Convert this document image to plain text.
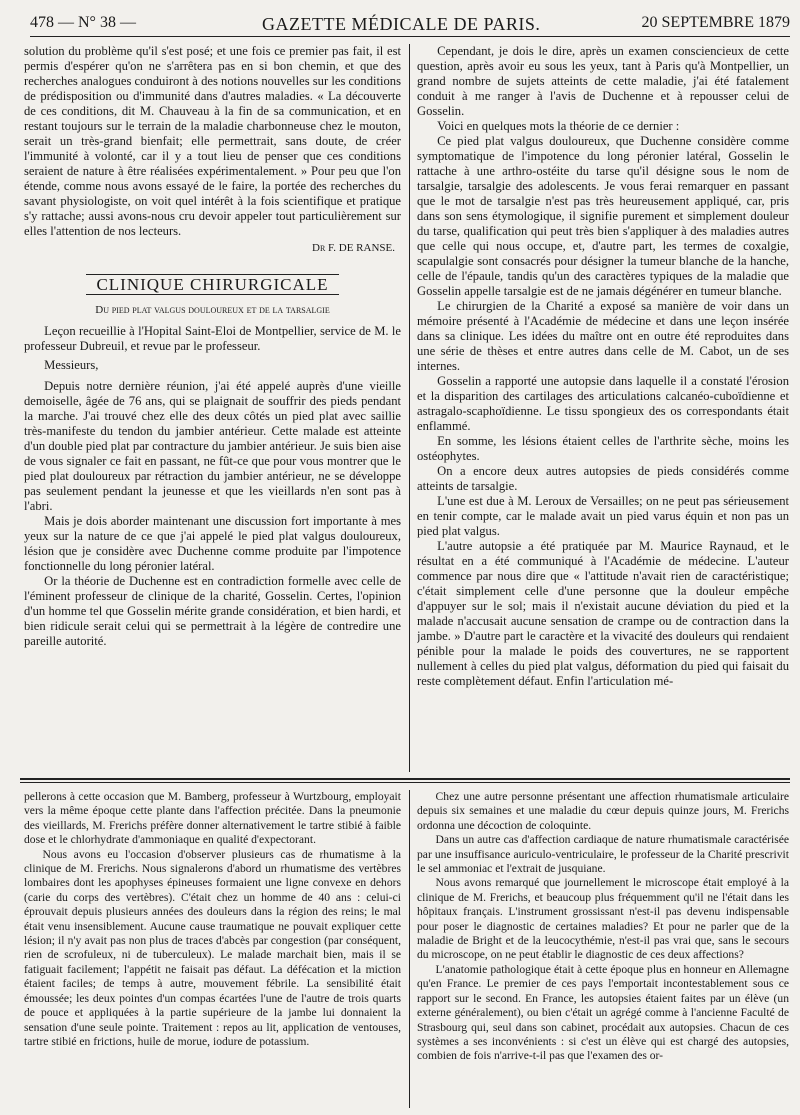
478 — N° 38 —	GAZETTE MÉDICALE DE PARIS.	20 SEPTEMBRE 1879

solution du problème qu'il s'est posé; et une fois ce premier pas fait, il est permis d'espérer qu'on ne s'arrêtera pas en si bon chemin, et que des recherches analogues conduiront à des notions nouvelles sur les conditions de prédisposition ou d'immunité dans d'autres maladies. « La découverte de ces conditions, dit M. Chauveau à la fin de sa communication, et en restant toujours sur le terrain de la maladie charbonneuse chez le mouton, serait un très-grand bienfait; elle permettrait, sans doute, de créer l'immunité à volonté, car il y a tout lieu de penser que ces conditions seraient de nature à être réalisées expérimentalement. » Pour peu que l'on étende, comme nous avons essayé de le faire, la portée des recherches du savant physiologiste, on voit quel intérêt à la fois scientifique et pratique s'y rattache; aussi avons-nous cru devoir appeler tout particulièrement sur elles l'attention de nos lecteurs.

Dr F. DE RANSE.
CLINIQUE CHIRURGICALE
Du pied plat valgus douloureux et de la tarsalgie

Leçon recueillie à l'Hopital Saint-Eloi de Montpellier, service de M. le professeur Dubreuil, et revue par le professeur.

Messieurs,

Depuis notre dernière réunion, j'ai été appelé auprès d'une vieille demoiselle, âgée de 76 ans, qui se plaignait de souffrir des pieds pendant la marche. J'ai trouvé chez elle des deux côtés un pied plat avec saillie très-manifeste du tendon du jambier antérieur. Cette malade est atteinte d'un double pied plat par contracture du jambier antérieur. Je suis bien aise de vous signaler ce fait en passant, ne fût-ce que pour vous montrer que le pied plat douloureux par rétraction du jambier antérieur, ne se développe pas seulement pendant la jeunesse et que les vieillards n'en sont pas à l'abri.

Mais je dois aborder maintenant une discussion fort importante à mes yeux sur la nature de ce que j'ai appelé le pied plat valgus douloureux, lésion que je considère avec Duchenne comme produite par l'impotence fonctionnelle du long péronier latéral.

Or la théorie de Duchenne est en contradiction formelle avec celle de l'éminent professeur de clinique de la charité, Gosselin. Certes, l'opinion d'un homme tel que Gosselin mérite grande considération, et bien hardi, et bien ridicule serait celui qui se permettrait à la légère de contredire une pareille autorité.

Cependant, je dois le dire, après un examen consciencieux de cette question, après avoir eu sous les yeux, tant à Paris qu'à Montpellier, un grand nombre de sujets atteints de cette maladie, j'ai été fatalement conduit à me ranger à l'avis de Duchenne et à repousser celui de Gosselin.

Voici en quelques mots la théorie de ce dernier :

Ce pied plat valgus douloureux, que Duchenne considère comme symptomatique de l'impotence du long péronier latéral, Gosselin le rattache à une arthro-ostéite du tarse qu'il désigne sous le nom de tarsalgie, tarsalgie des adolescents. Je vous ferai remarquer en passant que le mot de tarsalgie n'est pas très heureusement appliqué, car, pris dans son sens étymologique, il signifie purement et simplement douleur du tarse, qualification qui peut très bien s'appliquer à des maladies autres que celle qui nous occupe, et, d'autre part, les termes de coxalgie, scapulalgie sont consacrés pour désigner la tumeur blanche de la hanche, celle de l'épaule, tandis qu'un des caractères typiques de la maladie que Gosselin appelle tarsalgie est de ne jamais dégénérer en tumeur blanche.

Le chirurgien de la Charité a exposé sa manière de voir dans un mémoire présenté à l'Académie de médecine et dans une leçon insérée dans sa clinique. Les idées du maître ont en outre été reproduites dans une série de thèses et entre autres dans celle de M. Cabot, un de ses internes.

Gosselin a rapporté une autopsie dans laquelle il a constaté l'érosion et la disparition des cartilages des articulations calcanéo-cuboïdienne et astragalo-scaphoïdienne. Le tissu spongieux des os correspondants était enflammé.

En somme, les lésions étaient celles de l'arthrite sèche, moins les ostéophytes.

On a encore deux autres autopsies de pieds considérés comme atteints de tarsalgie.

L'une est due à M. Leroux de Versailles; on ne peut pas sérieusement en tenir compte, car le malade avait un pied varus équin et non pas un pied plat valgus.

L'autre autopsie a été pratiquée par M. Maurice Raynaud, et le résultat en a été communiqué à l'Académie de médecine. L'auteur commence par nous dire que « l'attitude n'avait rien de caractéristique; c'était simplement celle d'une personne que la douleur empêche d'appuyer sur le sol; mais il n'existait aucune déviation du pied et la malade n'accusait aucune sensation de crampe ou de contraction dans la jambe. » D'autre part le caractère et la vivacité des douleurs qui rendaient pénible pour la malade le poids des couvertures, ne se rapportent nullement à celles du pied plat valgus, déformation du pied qui faisait du reste complètement défaut. Enfin l'articulation mé-

pellerons à cette occasion que M. Bamberg, professeur à Wurtzbourg, employait vers la même époque cette plante dans l'affection précitée. Dans la pneumonie des vieillards, M. Frerichs préfère donner alternativement le tartre stibié à faible dose et le chlorhydrate d'ammoniaque en qualité d'expectorant.

Nous avons eu l'occasion d'observer plusieurs cas de rhumatisme à la clinique de M. Frerichs. Nous signalerons d'abord un rhumatisme des vertèbres lombaires dont les apophyses épineuses formaient une ligne convexe en dehors (carie du corps des vertèbres). C'était chez un homme de 40 ans : celui-ci éprouvait depuis plusieurs années des douleurs dans la région des reins; le mal était venu insensiblement. Aucune cause traumatique ne pouvait expliquer cette lésion; il n'y avait pas non plus de traces d'abcès par congestion (par conséquent, rien de scrofuleux, ni de tuberculeux). Le malade marchait bien, mais il se fatiguait facilement; l'appétit ne faisait pas défaut. La défécation et la miction étaient faciles; de temps à autre, mouvement fébrile. La sensibilité était émoussée; les deux pointes d'un compas écartées l'une de l'autre de trois quarts de pouce et appliquées à la partie supérieure de la jambe lui donnaient la sensation d'une seule pointe. Traitement : repos au lit, application de ventouses, tartre stibié en frictions, huile de morue, iodure de potassium.

Chez une autre personne présentant une affection rhumatismale articulaire depuis six semaines et une maladie du cœur depuis quinze jours, M. Frerichs ordonna une décoction de coloquinte.

Dans un autre cas d'affection cardiaque de nature rhumatismale caractérisée par une insuffisance auriculo-ventriculaire, le professeur de la Charité prescrivit le sel ammoniac et l'extrait de jusquiane.

Nous avons remarqué que journellement le microscope était employé à la clinique de M. Frerichs, et beaucoup plus fréquemment qu'il ne l'était dans les hôpitaux français. L'instrument grossissant n'est-il pas devenu indispensable pour poser le diagnostic de certaines maladies? Et pour ne parler que de la maladie de Bright et de la leucocythémie, n'est-il pas vrai que, sans le secours du microscope, on ne peut établir le diagnostic de ces deux affections?

L'anatomie pathologique était à cette époque plus en honneur en Allemagne qu'en France. Le premier de ces pays l'emportait incontestablement sous ce rapport sur le second. En France, les autopsies étaient faites par un élève (un externe généralement), ou bien c'était un agrégé comme à l'ancienne Faculté de Strasbourg qui, seul dans son cabinet, procédait aux autopsies. Chacun de ces systèmes a ses inconvénients : si c'est un élève qui est chargé des autopsies, combien de fois n'arrive-t-il pas que l'examen des or-
